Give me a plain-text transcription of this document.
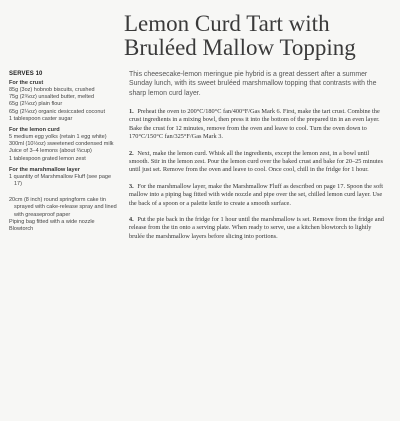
Lemon Curd Tart with
Bruléed Mallow Topping
SERVES 10
For the crust
85g (3oz) hobnob biscuits, crushed
75g (2¾oz) unsalted butter, melted
65g (2¼oz) plain flour
65g (2¼oz) organic desiccated coconut
1 tablespoon caster sugar
For the lemon curd
5 medium egg yolks (retain 1 egg white)
300ml (10½oz) sweetened condensed milk
Juice of 3–4 lemons (about ⅔cup)
1 tablespoon grated lemon zest
For the marshmallow layer
1 quantity of Marshmallow Fluff (see page 17)
20cm (8 inch) round springform cake tin sprayed with cake-release spray and lined with greaseproof paper
Piping bag fitted with a wide nozzle
Blowtorch

This cheesecake-lemon meringue pie hybrid is a great dessert after a summer Sunday lunch, with its sweet bruléed marshmallow topping that contrasts with the sharp lemon curd layer.

1. Preheat the oven to 200°C/180°C fan/400°F/Gas Mark 6. First, make the tart crust. Combine the crust ingredients in a mixing bowl, then press it into the bottom of the prepared tin in an even layer. Bake the crust for 12 minutes, remove from the oven and leave to cool. Turn the oven down to 170°C/150°C fan/325°F/Gas Mark 3.

2. Next, make the lemon curd. Whisk all the ingredients, except the lemon zest, in a bowl until smooth. Stir in the lemon zest. Pour the lemon curd over the baked crust and bake for 20–25 minutes until just set. Remove from the oven and leave to cool. Once cool, chill in the fridge for 1 hour.

3. For the marshmallow layer, make the Marshmallow Fluff as described on page 17. Spoon the soft mallow into a piping bag fitted with wide nozzle and pipe over the set, chilled lemon curd layer. Use the back of a spoon or a palette knife to create a smooth surface.

4. Put the pie back in the fridge for 1 hour until the marshmallow is set. Remove from the fridge and release from the tin onto a serving plate. When ready to serve, use a kitchen blowtorch to lightly brulée the marshmallow layers before slicing into portions.
